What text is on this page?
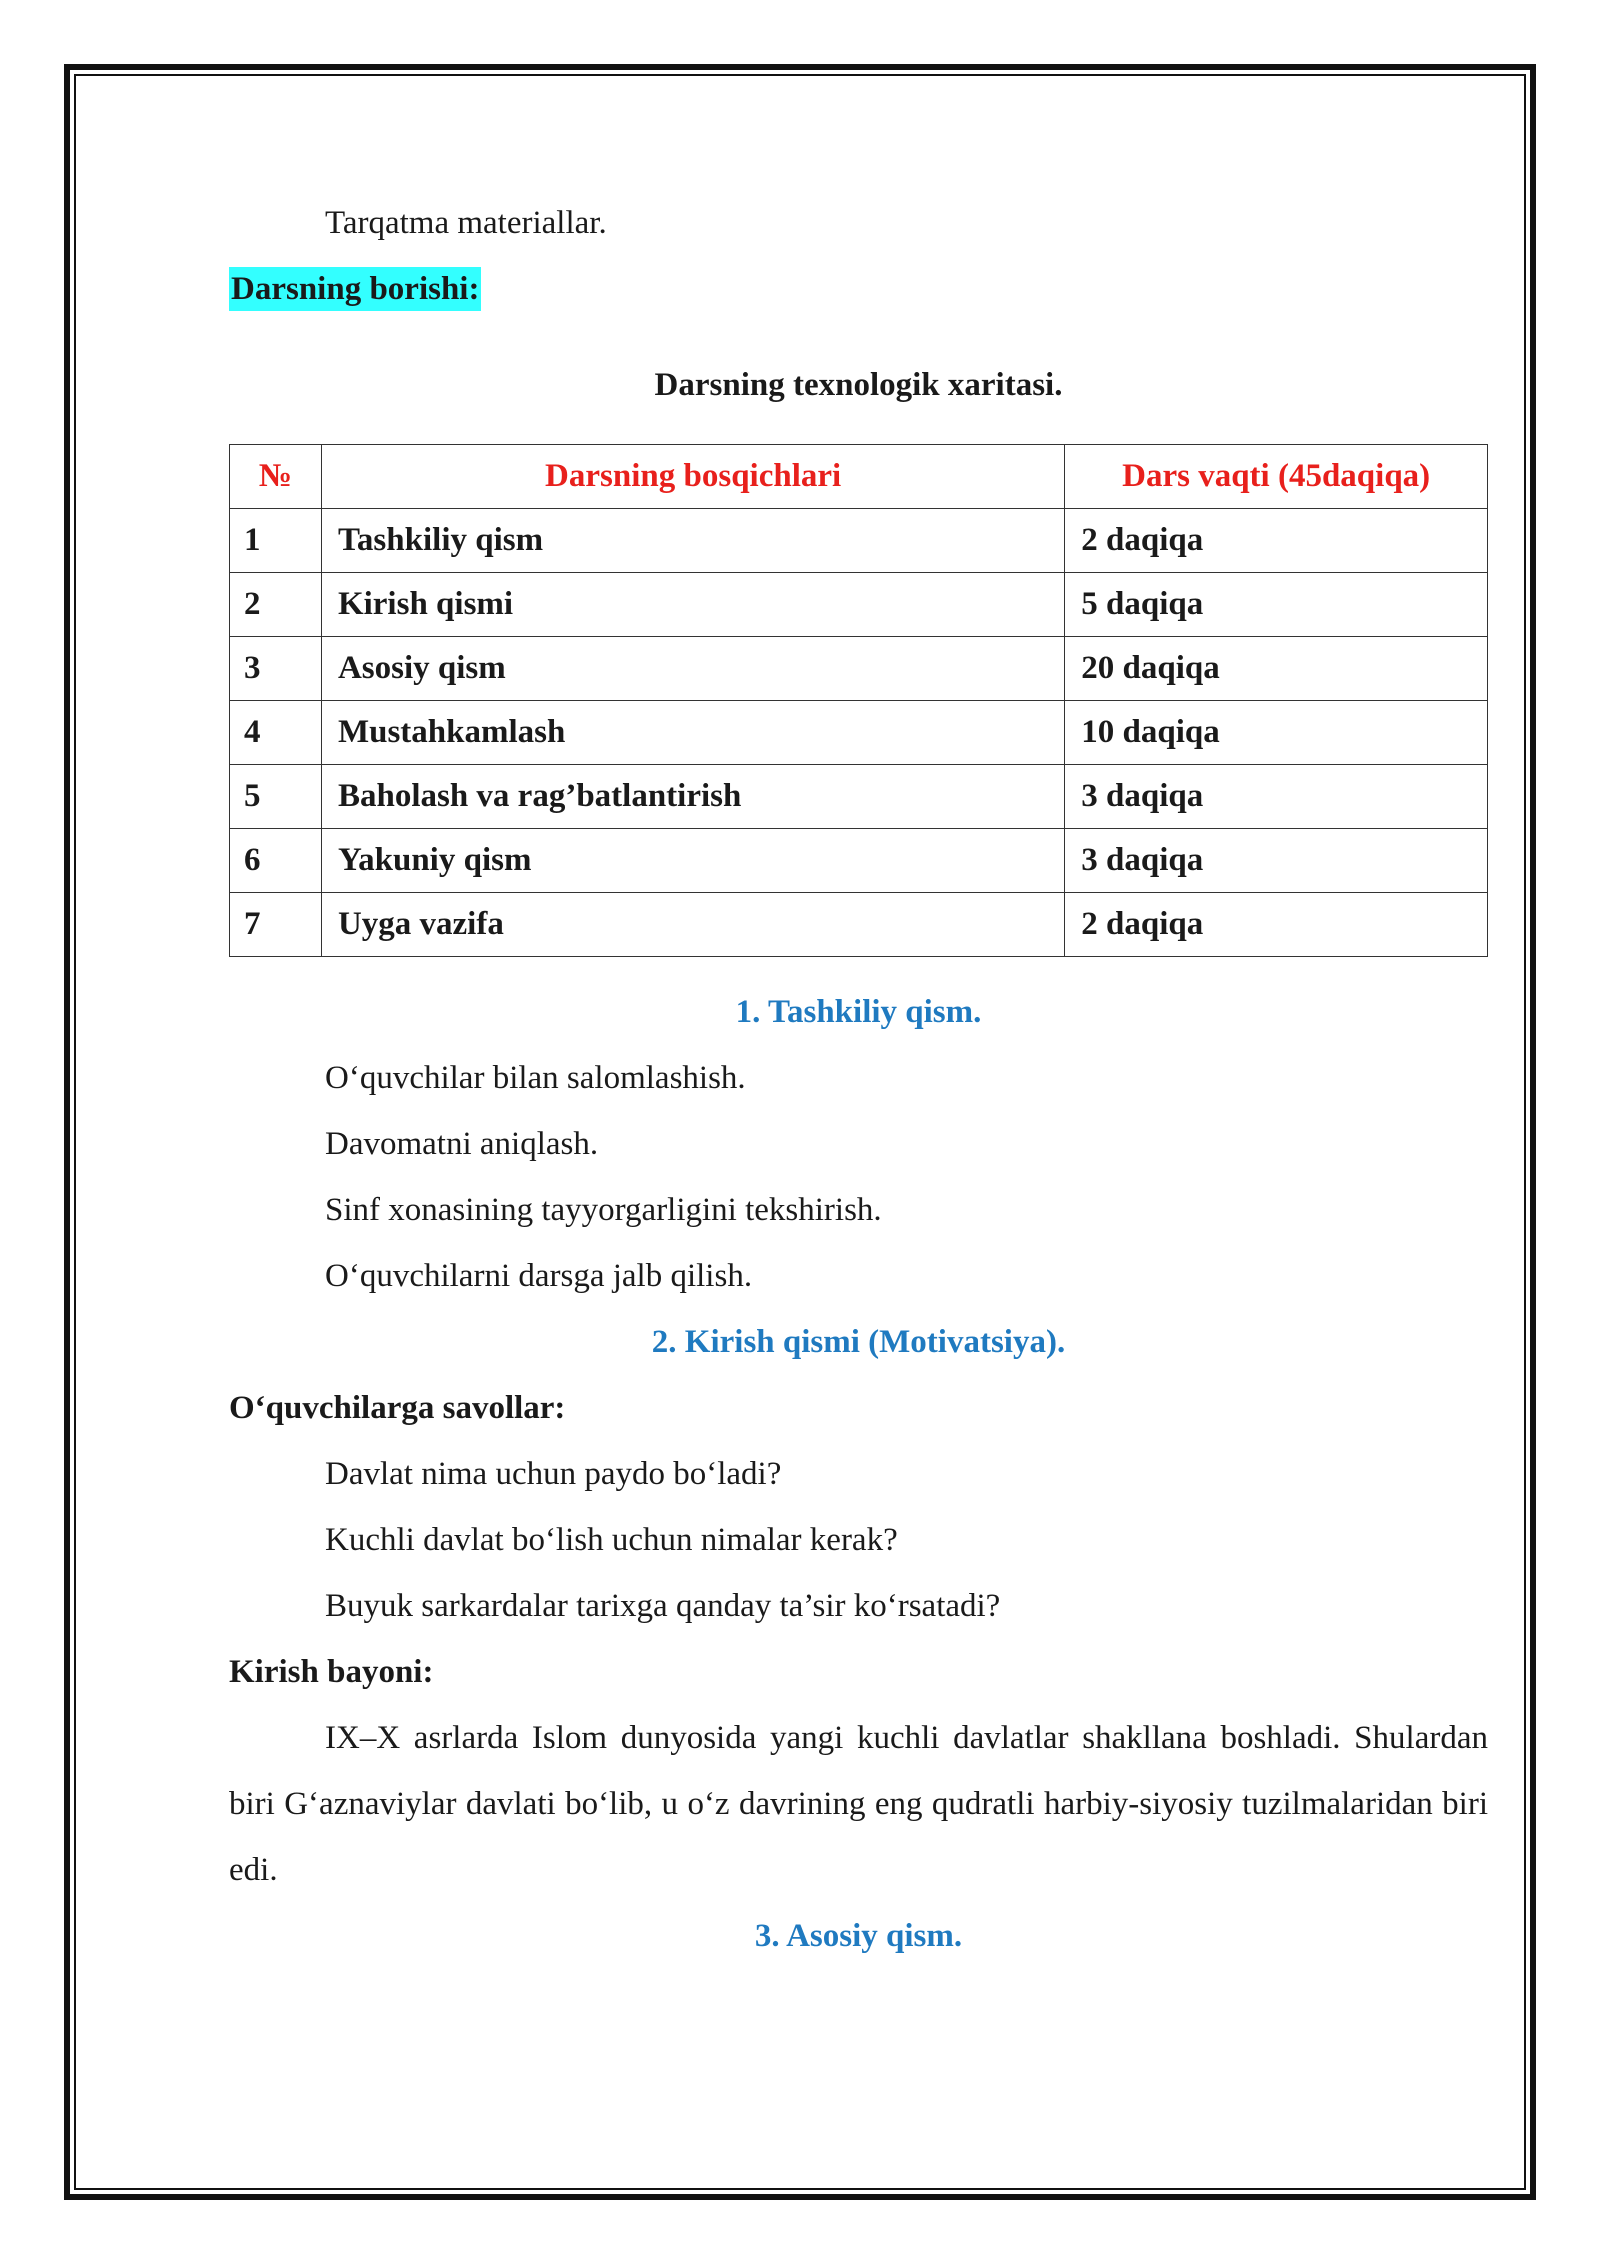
Tarqatma materiallar.

Darsning borishi:

Darsning texnologik xaritasi.

№	Darsning bosqichlari	Dars vaqti (45daqiqa)
1	Tashkiliy qism	2 daqiqa
2	Kirish qismi	5 daqiqa
3	Asosiy qism	20 daqiqa
4	Mustahkamlash	10 daqiqa
5	Baholash va rag’batlantirish	3 daqiqa
6	Yakuniy qism	3 daqiqa
7	Uyga vazifa	2 daqiqa

1. Tashkiliy qism.

O‘quvchilar bilan salomlashish.

Davomatni aniqlash.

Sinf xonasining tayyorgarligini tekshirish.

O‘quvchilarni darsga jalb qilish.

2. Kirish qismi (Motivatsiya).

O‘quvchilarga savollar:

Davlat nima uchun paydo bo‘ladi?

Kuchli davlat bo‘lish uchun nimalar kerak?

Buyuk sarkardalar tarixga qanday ta’sir ko‘rsatadi?

Kirish bayoni:

IX–X asrlarda Islom dunyosida yangi kuchli davlatlar shakllana boshladi. Shulardan biri G‘aznaviylar davlati bo‘lib, u o‘z davrining eng qudratli harbiy-siyosiy tuzilmalaridan biri edi.

3. Asosiy qism.
